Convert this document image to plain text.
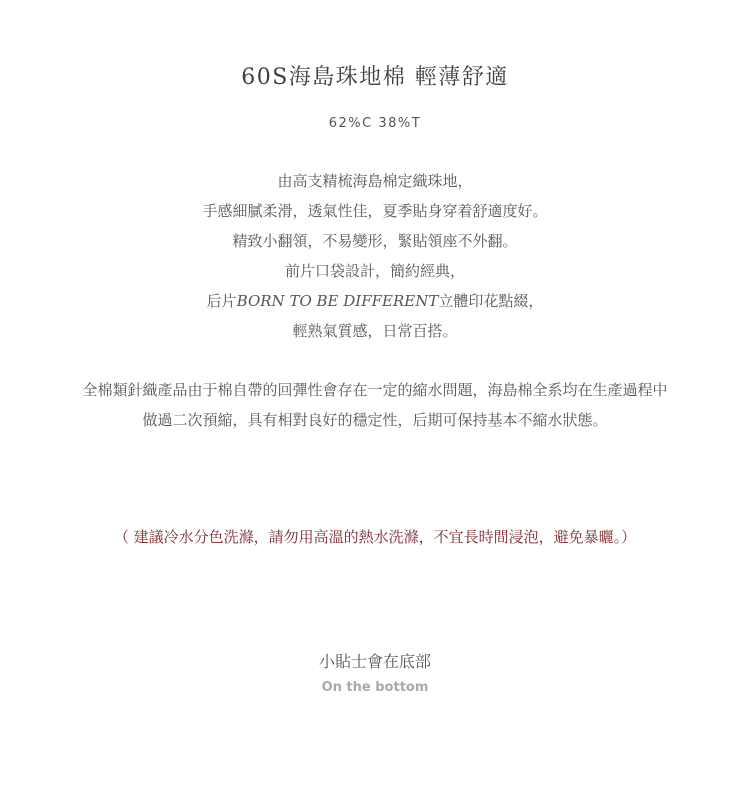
60S海島珠地棉 輕薄舒適
62%C 38%T
由高支精梳海島棉定織珠地，
手感細膩柔滑，透氣性佳，夏季貼身穿着舒適度好。
精致小翻領，不易變形，緊貼領座不外翻。
前片口袋設計，簡約經典，
后片BORN TO BE DIFFERENT立體印花點綴，
輕熟氣質感，日常百搭。
全棉類針織產品由于棉自帶的回彈性會存在一定的縮水問題，海島棉全系均在生產過程中
做過二次預縮，具有相對良好的穩定性，后期可保持基本不縮水狀態。
（ 建議冷水分色洗滌，請勿用高溫的熱水洗滌，不宜長時間浸泡，避免暴曬。）
小貼士會在底部
On the bottom
